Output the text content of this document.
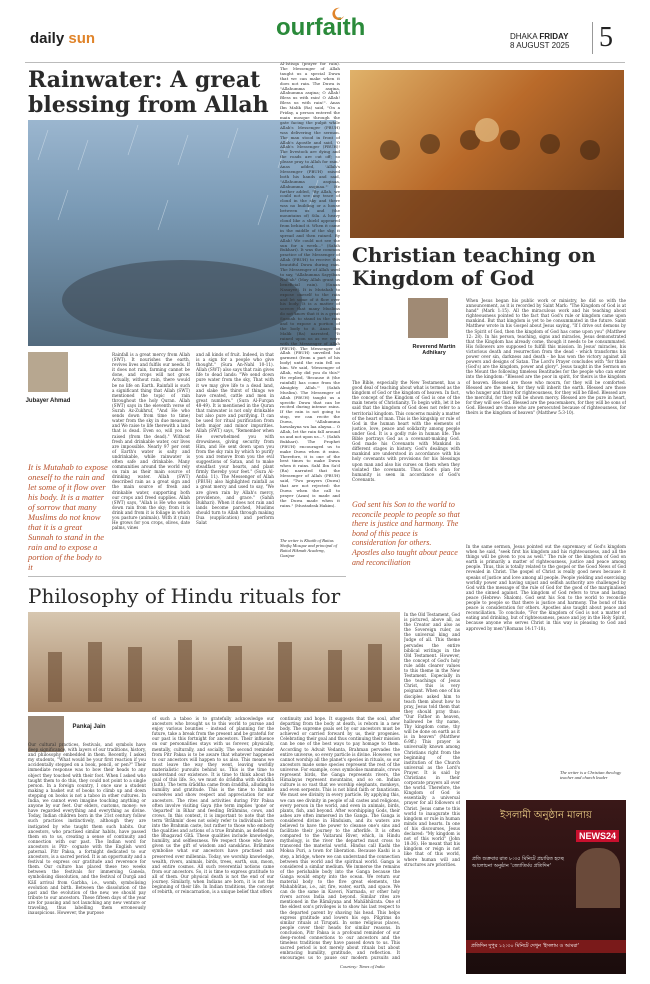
daily sun	ourfaith	DHAKA FRIDAY
8 AUGUST 2025 5
Rainwater: A great blessing from Allah
Jubayer Ahmad
It is Mutahab to expose oneself to the rain and let some of it flow over his body. It is a matter of sorrow that many Muslims do not know that it is a great Sunnah to stand in the rain and to expose a portion of the body to it
Rainfall is a great mercy from Allah (SWT). It nourishes the earth, revives lives and fulfils our needs. If it does not rain, farming cannot be done, and crops will not grow. Actually, without rain, there would be no life on Earth. Rainfall is such a significant thing that Allah (SWT) mentioned the topic of rain throughout the holy Quran. Allah (SWT) says in the eleventh verse of Surah Az-Zukhruf, "And He who sends down from time to time) water from the sky in due measure, and We raise to life therewith a land that is dead. Even so, will you be raised (from the dead)." Without fresh and drinkable water, our lives are impossible. Nearly 97 per cent of Earth's water is salty and undrinkable, while rainwater is often safe and drinkable. Many communities around the world rely on rain as their main source of drinking water. Allah (SWT) described rain as a great sign and the main source of fresh and drinkable water, supporting both our crops and freed supplies. Allah (SWT) says, "Allah is He who sends down rain from the sky; from it is drink and from it is foliage in which you pasture (animals). With it (rain) He grows for you crops, olives, date palms, vines
and all kinds of fruit. Indeed, in that is a sign for a people who give thought." (Sura An-Nahl 10-11). Allah (SWT) also says that rain gives life to dead lands: "We send down pure water from the sky, That with it we may give life to a dead land, and slake the thirst of things we have created, cattle and men in great numbers." (Sura Al-Furqan 48-49). It is mentioned in the Quran that rainwater is not only drinkable but also pure and purifying. It can be used for ritual purification from both major and minor impurities. Allah (SWT) says, "Remember when He overwhelmed you with drowsiness, giving security from Him, and He sent down upon you from the sky rain by which to purify you and remove from you the evil suggestions of Satan, and to make steadfast your hearts, and plant firmly thereby your feet." (Sura Al-Anfal: 11). The Messenger of Allah (PBUH) also highlighted rainfall as a great mercy and used to say, "We are given rain by Allah's mercy, providence, and grace." (Sahih Bukhari). When it does not rain and lands become parched, Muslims should turn to Allah through making Dua (supplication) and perform Salat
Al-Istisqa (prayer for rain). The Messenger of Allah taught us a special Duwa that we can make when it does not rain. The Duwa is "Allahumma asqina, Allahumma asqina; O Allah! Bless us with rain! O Allah! Bless us with rain!". Anas Ibn Malik (Ra) said, "On a Friday, a person entered the main mosque through the gate facing the pulpit while Allah's Messenger (PBUH) was delivering the sermon. The man stood in front of Allah's Apostle and said, 'O Allah's Messenger (PBUH)! The livestock are dying and the roads are cut off; so please pray to Allah for rain.' Anas added, 'Allah's Messenger (PBUH) raised both his hands and said, "Allahumma asqinaa, Allahumma asqinaa."' He further added, "By Allah, we could not see any trace of cloud in the sky and there was no building or a house between us and (the mountains of) Sila. A heavy cloud like a shield appeared from behind it. When it came in the middle of the sky, it spread and then rained. By Allah! We could not see the sun for a week..." (Sahih Bukhari). It was the common practice of the Messenger of Allah (PBUH) to receive this beautiful Duwa during rain. The Messenger of Allah used to say, "Allahumma Sayyiban Nafi'ah" (May Allah grant us beneficial rain). (Sunan Nasayee). It is Mutahab to expose oneself to the rain and let some of it flow over his body. It is a matter of sorrow that many Muslims do not know that it is a great Sunnah to stand in the rain and to expose a portion of the body to it. Anas Ibn Malik (Ra) narrated, "It rained upon us as we were with the Messenger of Allah (PBUH). The Messenger of Allah (PBUH) unveiled his garment (from a part of his body) until the rain fell on him. We said, 'Messenger of Allah, why did you do this?' He replied, 'Because it (the rainfall) has come from the Almighty Allah.'" (Sahih Muslim). The Messenger of Allah (PBUH) taught us a specific Duwa that can be recited during intense rains. If the rain is not going to stop, we can recite the Duwa, "Allahumma hawalayna wa laa alayna... O Allah, let the rain fall around us and not upon us...". (Sahih Bukhari). The Prophet (PBUH) encouraged us to make Duwa when it rains. Therefore, it is one of the best times to make Duwa when it rains. Sahl Ibn Sa'd (Ra) narrated that the Messenger of Allah (PBUH) said, "Two prayers (Duwa) that are not rejected: the Duwa when the call to prayer (Azan) is made and the Duwa made when it rains." (Mustadrak Hakim).
The writer is Khatib of Baitus Shafiq Mosque and principal of Baitul Hikmah Academy, Gazipur
Christian teaching on Kingdom of God
Reverend Martin Adhikary
The Bible, especially the New Testament, has a good deal of teaching about what is termed as the kingdom of God or the kingdom of heaven. In fact, the concept of the Kingdom of God is one of the main tenets of Christianity. To begin with, let it be said that the kingdom of God does not refer to a territorial kingdom. This concerns mainly a matter of the heart of man. This is the kingship or rule of God in the human heart with the elements of justice, love, peace and solidarity among people under God. It is a godly rule in human life. The Bible portrays God as a covenant-making God. God made his Covenants with Mankind in different stages in history. God's dealings with mankind are understood in accordance with his holy covenants with provisions for his blessings upon man and also his curses on them when they violated the covenants. Thus God's plan for humanity is seen in accordance of God's Covenants.
God sent his Son to the world to reconcile people to people so that there is justice and harmony. The bond of this peace is consideration for others. Apostles also taught about peace and reconciliation
In the Old Testament, God is pictured, above all, as the Creator and also as the Sovereign ruler, as the universal king and Judge of all. This theme pervades the entire biblical writings in the Old Testament. However, the concept of God's holy rule adds clearer values to this theme in the New Testament. Especially in the teachings of Jesus Christ, this is very poignant. When one of his disciples asked him to teach them about how to pray, Jesus told them that they should pray thus: "Our Father in heaven, hallowed be thy name, Thy kingdom come, thy will be done on earth as it is in heaven" (Matthew 6:9ff.) This prayer is universally known among Christians right from the beginning of the institution of the Church universal as the Lord's Prayer. It is said by Christians in their corporate prayers all over the world. Therefore, the Kingdom of God is essentially a universal prayer for all followers of Christ. Jesus came to this world to inaugurate this kingdom or rule in human minds and hearts. In one of his discourses, Jesus declared: "My kingdom is not of this world" (John 18:36). He meant that his kingdom or reign is not like that of this world, where human will and structures are priorities.
When Jesus began his public work or ministry, he did so with the announcement, as it is recorded by Saint Mark: "The Kingdom of God is at hand" (Mark 1:15). All the miraculous work and his teaching about righteousness pointed to the fact that God's rule or kingdom came upon mankind. But that kingdom is yet to be consummated in the future. Saint Matthew wrote in his Gospel about Jesus saying, "If I drive out demons by the Spirit of God, then the kingdom of God has come upon you" (Matthew 12: 28). In his person, teaching, signs and miracles, Jesus demonstrated that the Kingdom has already come, though it needs to be consummated. His followers are supposed to fulfill this mission. In Jesus' miracles, his victorious death and resurrection from the dead - which transforms his power over sin, darkness and death - he has won the victory against all powers and designs of Satan. The Lord's Prayer concludes with "for thine (God's) are the kingdom, power and glory". Jesus taught in the Sermon on the Mount the following timeless Beatitudes for the people who can enter into the kingdom: "Blessed are the poor in spirit, for theirs is the kingdom of heaven. Blessed are those who mourn, for they will be comforted. Blessed are the meek, for they will inherit the earth. Blessed are those who hunger and thirst for righteousness, for they will be filled. Blessed are the merciful, for they will be shown mercy. Blessed are the pure in heart, for they will see God. Blessed are the peacemakers, for they will be sons of God. Blessed are those who are persecuted because of righteousness, for theirs is the kingdom of heaven" (Matthew 5:3-10).
In the same sermon, Jesus pointed out the supremacy of God's kingdom when he said, "seek first his kingdom and his righteousness, and all the things will be given to you as well." The rule or the kingdom of God on earth is primarily a matter of righteousness, justice and peace among people. Thus, this is totally related to the gospel or the Good News of God revealed in Christ. The gospel of Christ is really good news because it speaks of justice and love among all people. People yielding and exercising worldly power and having unjust and selfish authority are challenged by God with the message of the rule of God for the good of the marginalised and the sinned against. The kingdom of God refers to true and lasting peace (Hebrew: Shalom). God sent his Son to the world to reconcile people to people so that there is justice and harmony. The bond of this peace is consideration for others. Apostles also taught about peace and reconciliation. To conclude, "For the kingdom of God is not a matter of eating and drinking, but of righteousness, peace and joy in the Holy Spirit, because anyone who serves Christ in this way is pleasing to God and approved by men"(Romans 14:17-18).
The writer is a Christian theology teacher and church leader
Philosophy of Hindu rituals for
Pankaj Jain
Our cultural practices, festivals, and symbols have deep significance, with layers of our traditions, history, and philosophy embedded in them. Recently, I asked my students, "What would be your first reaction if you accidentally stepped on a book, pencil, or pen?" Their immediate response was to bow their heads to any object they touched with their foot. When I asked who taught them to do this, they could not point to a single person. In a foreign country, I once saw a student making a basket out of books to climb up and down stepping on books is not a taboo in other cultures. In India, we cannot even imagine touching anything or anyone by our feet. Our elders, customs, money: we have regarded everything and everything as divine. Today, Indian children born in the 21st century follow such practices instinctively, although they are instigated by who taught them such habits. Our ancestors, who practised similar habits, have passed them on to us, creating a sense of continuity and connection with our past. The Indian word for ancestors is Pitr- cognate with the English word paternal. Pitr Paksa, a fortnight dedicated to our ancestors, is a sacred period. It is an opportunity and a festival to express our gratitude and reverence for them. Our culture has placed these two weeks between the festivals for immersing Ganeśa, symbolising dissolution, and the festival of Durgā and Kālī arrival from Garbha, i.e., womb, symbolising evolution and birth. Between the dissolution of the past and the evolution of the new, we should pay tribute to our ancestors. These fifteen days of the year are for pausing and not launching any new venture or traveling, thus labelling them erroneously inauspicious. However, the purpose
of such a taboo is to gratefully acknowledge our ancestors who brought us to this world to pursue and enjoy various bounties - instead of planning for the future, take a break from the present and be grateful for our past is this fortnight for ancestors. Their influence on our personalities stays with us forever, physically, mentally, culturally, and socially. The second reminder from Pitr Paksa is to be aware that whatever happened to our ancestors will happen to us also. This means we must leave the way they went, leaving worldly materialistic pursuits behind us. This is the time to understand our existence. It is time to think about the goal of this life. So, we must do śrāddha with śraddhā (faith). The term śrāddha came from śraddhā, alluding to humility and gratitude. This is the time to humble ourselves and show respect and appreciation for our ancestors. The rites and activities during Pitr Paksa often involve visiting Gaya (the term implies 'gone' or 'departed' in Bihar and feeding Brāhmins, cows, and crows. In this context, it is important to note that the term 'Brāhmin' does not solely refer to individuals born into the Brahmin caste, but rather to those who embody the qualities and actions of a true Brahmin, as defined in the Bhagavad Gītā. These qualities include knowledge, humility, and selflessness. We respect those who have given us the gift of wisdom and sanskāras. Brāhmins symbolise what our ancestors have practised and preserved over millennia. Today, we worship knowledge, wealth, rivers, animals, birds, trees, earth, sun, moon, and entire cosmos. All such reverential notions came from our ancestors. So, it is time to express gratitude to all of them. Our physical death is not the end of our journey. Similarly, when Indians are born, it is not the beginning of their life. In Indian traditions, the concept of rebirth, or reincarnation, is a unique belief that offers
continuity and hope. It suggests that the soul, after departing from the body at death, is reborn in a new body. The supreme goals set by our ancestors must be achieved or carried forward by us, their progenies. Celebrating their goal and thus continuing their mission can be one of the best ways to pay homage to them. According to Advait Vedanta, Brahman pervades the entire universe, so every particle is divine. However, we cannot worship all the planet's species in rituals, so our ancestors made some species represent the rest of the universe. For example, cows symbolise mammals, crows represent birds, the Ganga represents rivers, the Himalayas represent mountains, and so on. Indian culture is so vast that we worship elephants, monkeys, and even serpents. This is not blind faith or fanaticism. We must see divinity in every particle. By applying this, we can see divinity in people of all castes and religions, every person in the world, and even in animals, birds, plants, fish, and beyond. After worshipping Gods, their ashes are often immersed in the Ganga. The Ganga is considered divine in Hinduism, and its waters are believed to have the power to cleanse one's sins and facilitate their journey to the afterlife. It is often compared to the Vaitarani River, which, in Hindu mythology, is the river the departed must cross to transcend the material world. Hindus call Kashi the Moksa Puri, a town for liberation. Because Kashi is a step, a bridge, where we can understand the connection between this world and the spiritual world. Ganga is considered a similar medium. We immerse the remains of the perishable body into the Ganga because the Ganga would empty into the ocean. We return our material body to the five great elements, the Mahabhūtas, i.e., air, fire, water, earth, and space. We can do the same in Kaveri, Narmada, or other holy rivers across India and beyond. Similar rites are mentioned in the Rāmāyaṇa and Mahābhārata. One of the eldest son's privileges is to show his last respect to the departed parent by shaving his head. This helps express gratitude and lowers his ego. Pilgrims do similar rituals at Tirupati. In some religious places, people cover their heads for similar reasons. In conclusion, Pitr Paksa is a profound reminder of our deep-rooted connections to our ancestors and the timeless traditions they have passed down to us. This sacred period is not merely about rituals but about embracing humility, gratitude, and reflection. It encourages us to pause our modern pursuits and
Courtesy: Times of India
ইসলামী অনুষ্ঠান মালায়
NEWS24
প্রতি শুক্রবার রাত ৮:৩৫ মিনিটে প্রচারিত হচ্ছে আলোচনা অনুষ্ঠান 'জ্যোতির্ময় প্রতিদিন'
প্রতিদিন দুপুর ১২:৩০ মিনিটে দেখুন 'ইসলাম ও আমরা'
